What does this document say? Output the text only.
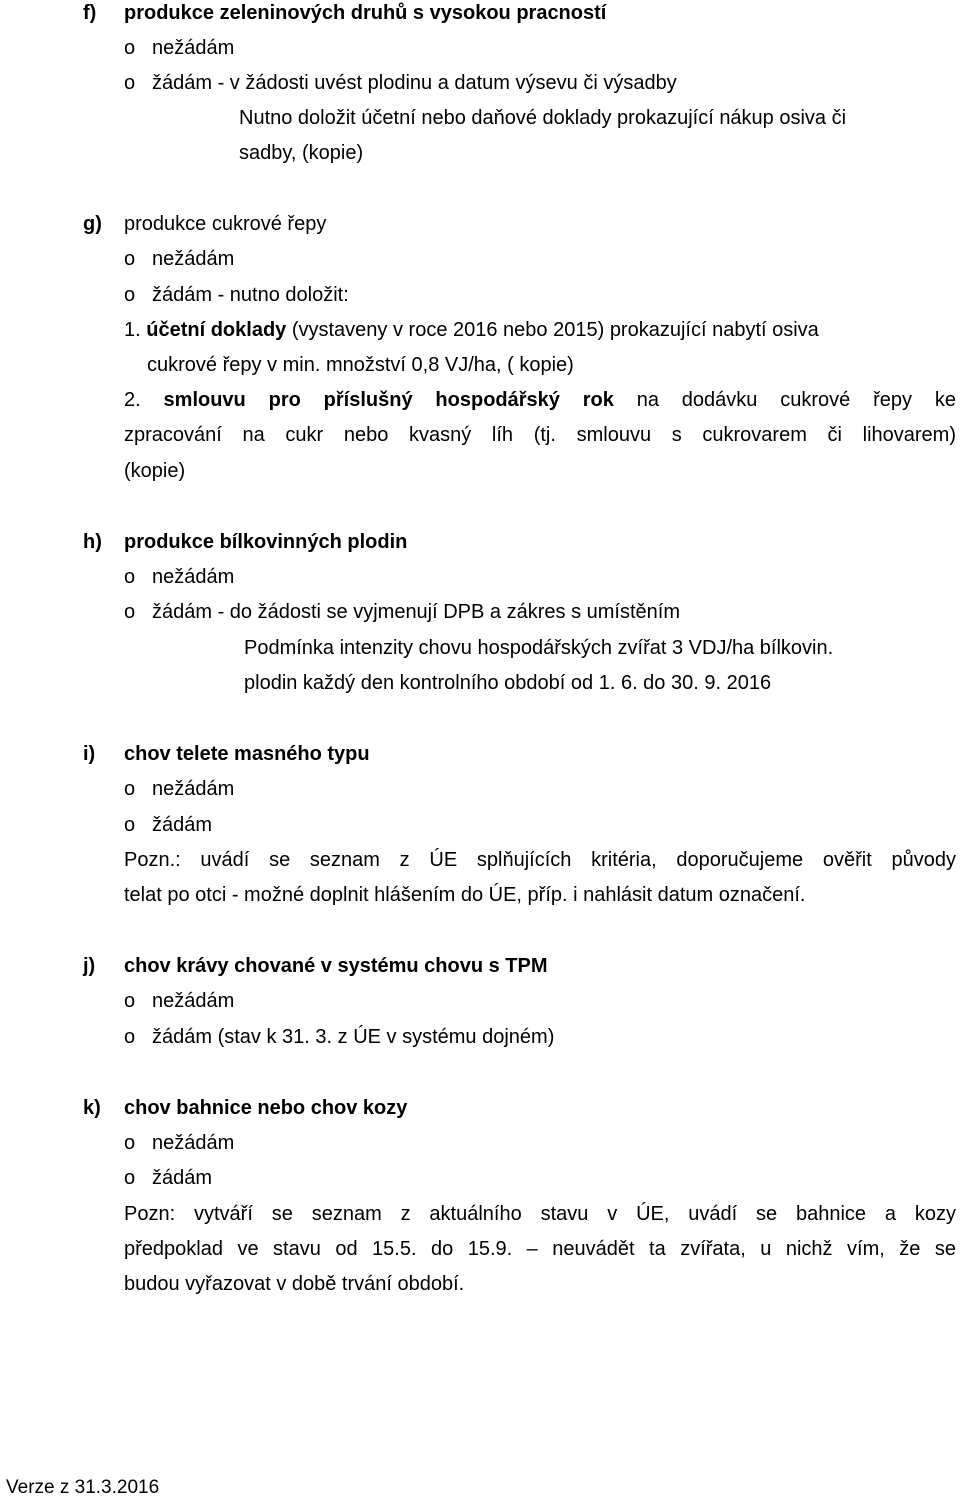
f) produkce zeleninových druhů s vysokou pracností
o nežádám
o žádám - v žádosti uvést plodinu a datum výsevu či výsadby
Nutno doložit účetní nebo daňové doklady prokazující nákup osiva či
sadby, (kopie)
g) produkce cukrové řepy
o nežádám
o žádám - nutno doložit:
1. účetní doklady (vystaveny v roce 2016 nebo 2015) prokazující nabytí osiva
cukrové řepy v min. množství 0,8 VJ/ha, ( kopie)
2. smlouvu pro příslušný hospodářský rok na dodávku cukrové řepy ke
zpracování na cukr nebo kvasný líh (tj. smlouvu s cukrovarem či lihovarem)
(kopie)
h) produkce bílkovinných plodin
o nežádám
o žádám - do žádosti se vyjmenují DPB a zákres s umístěním
Podmínka intenzity chovu hospodářských zvířat 3 VDJ/ha bílkovin.
plodin každý den kontrolního období od 1. 6. do 30. 9. 2016
i) chov telete masného typu
o nežádám
o žádám
Pozn.: uvádí se seznam z ÚE splňujících kritéria, doporučujeme ověřit původy
telat po otci - možné doplnit hlášením do ÚE, příp. i nahlásit datum označení.
j) chov krávy chované v systému chovu s TPM
o nežádám
o žádám (stav k 31. 3. z ÚE v systému dojném)
k) chov bahnice nebo chov kozy
o nežádám
o žádám
Pozn: vytváří se seznam z aktuálního stavu v ÚE, uvádí se bahnice a kozy
předpoklad ve stavu od 15.5. do 15.9. – neuvádět ta zvířata, u nichž vím, že se
budou vyřazovat v době trvání období.
Verze z 31.3.2016
